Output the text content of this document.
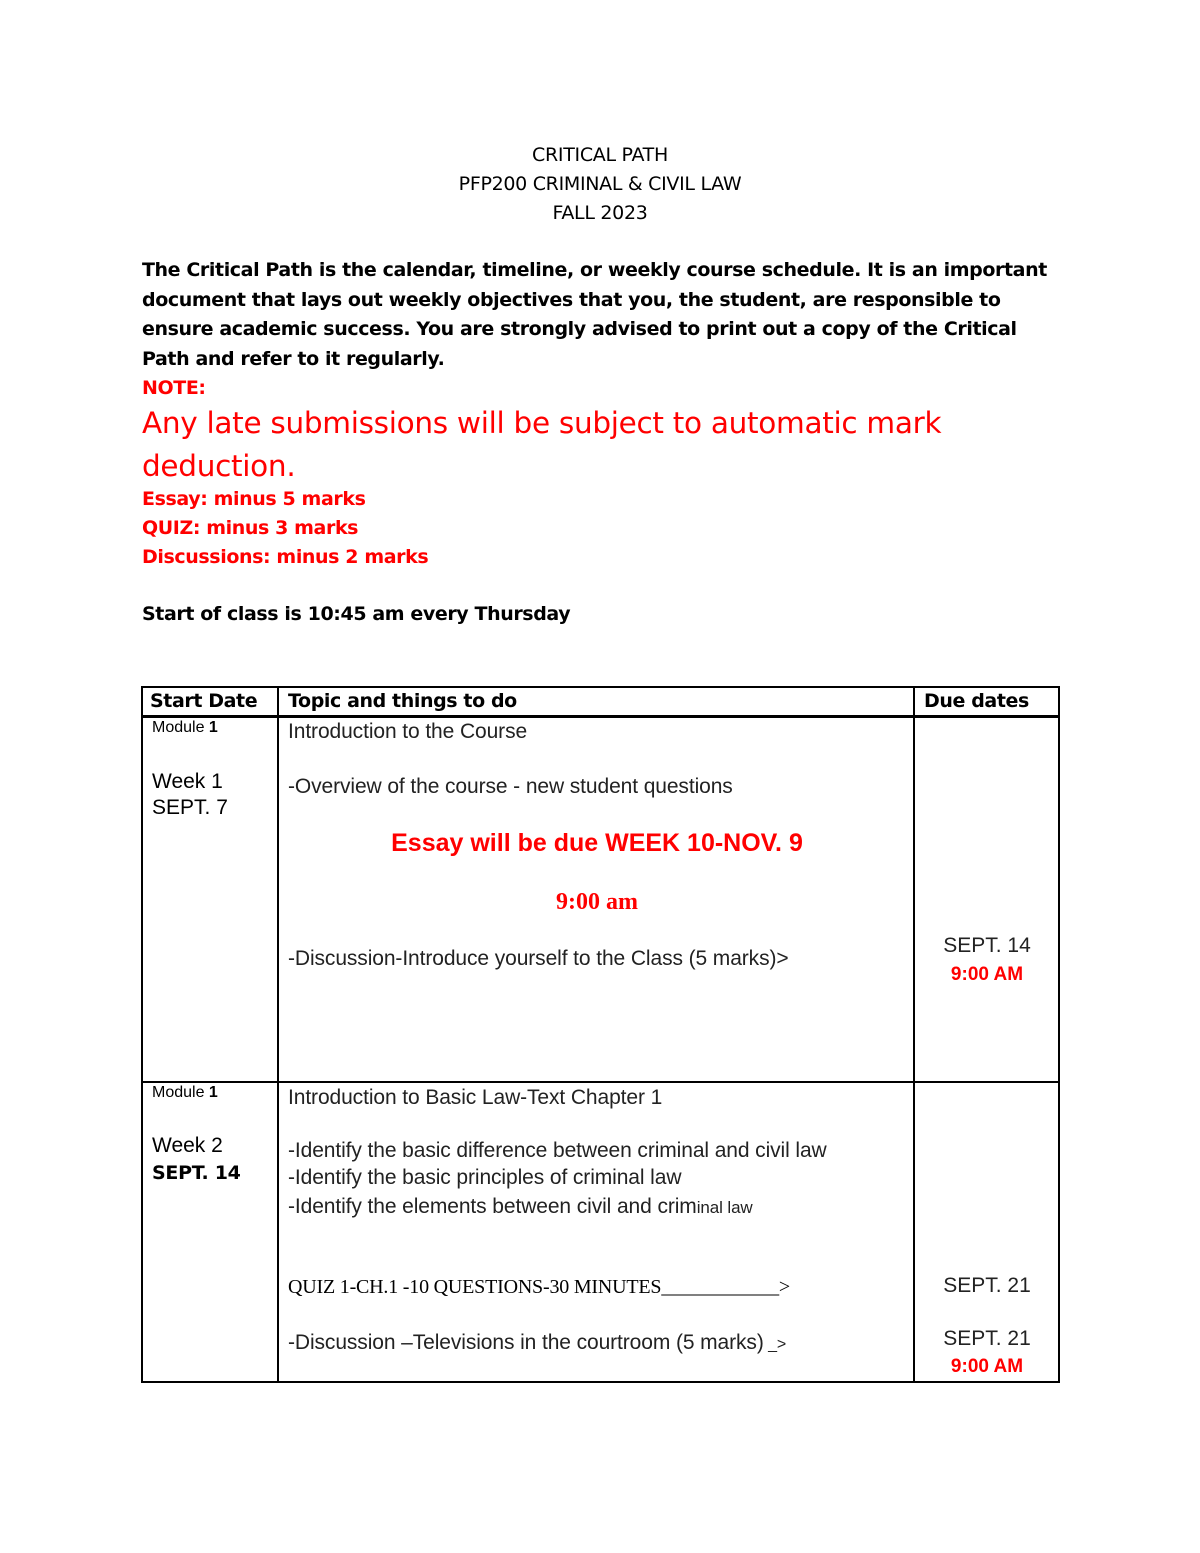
CRITICAL PATH
PFP200 CRIMINAL & CIVIL LAW
FALL 2023
The Critical Path is the calendar, timeline, or weekly course schedule. It is an important document that lays out weekly objectives that you, the student, are responsible to ensure academic success. You are strongly advised to print out a copy of the Critical Path and refer to it regularly.
NOTE:
Any late submissions will be subject to automatic mark deduction.
Essay: minus 5 marks
QUIZ: minus 3 marks
Discussions: minus 2 marks
Start of class is 10:45 am every Thursday
Start Date Topic and things to do	Due dates
Module 1
Week 1
SEPT. 7
Introduction to the Course
-Overview of the course - new student questions
Essay will be due WEEK 10-NOV. 9
9:00 am
-Discussion-Introduce yourself to the Class (5 marks)>
SEPT. 14
9:00 AM
Module 1
Week 2
SEPT. 14
Introduction to Basic Law-Text Chapter 1
-Identify the basic difference between criminal and civil law
-Identify the basic principles of criminal law
-Identify the elements between civil and criminal law
QUIZ 1-CH.1 -10 QUESTIONS-30 MINUTES____________>
-Discussion –Televisions in the courtroom (5 marks) _>
SEPT. 21
SEPT. 21
9:00 AM
